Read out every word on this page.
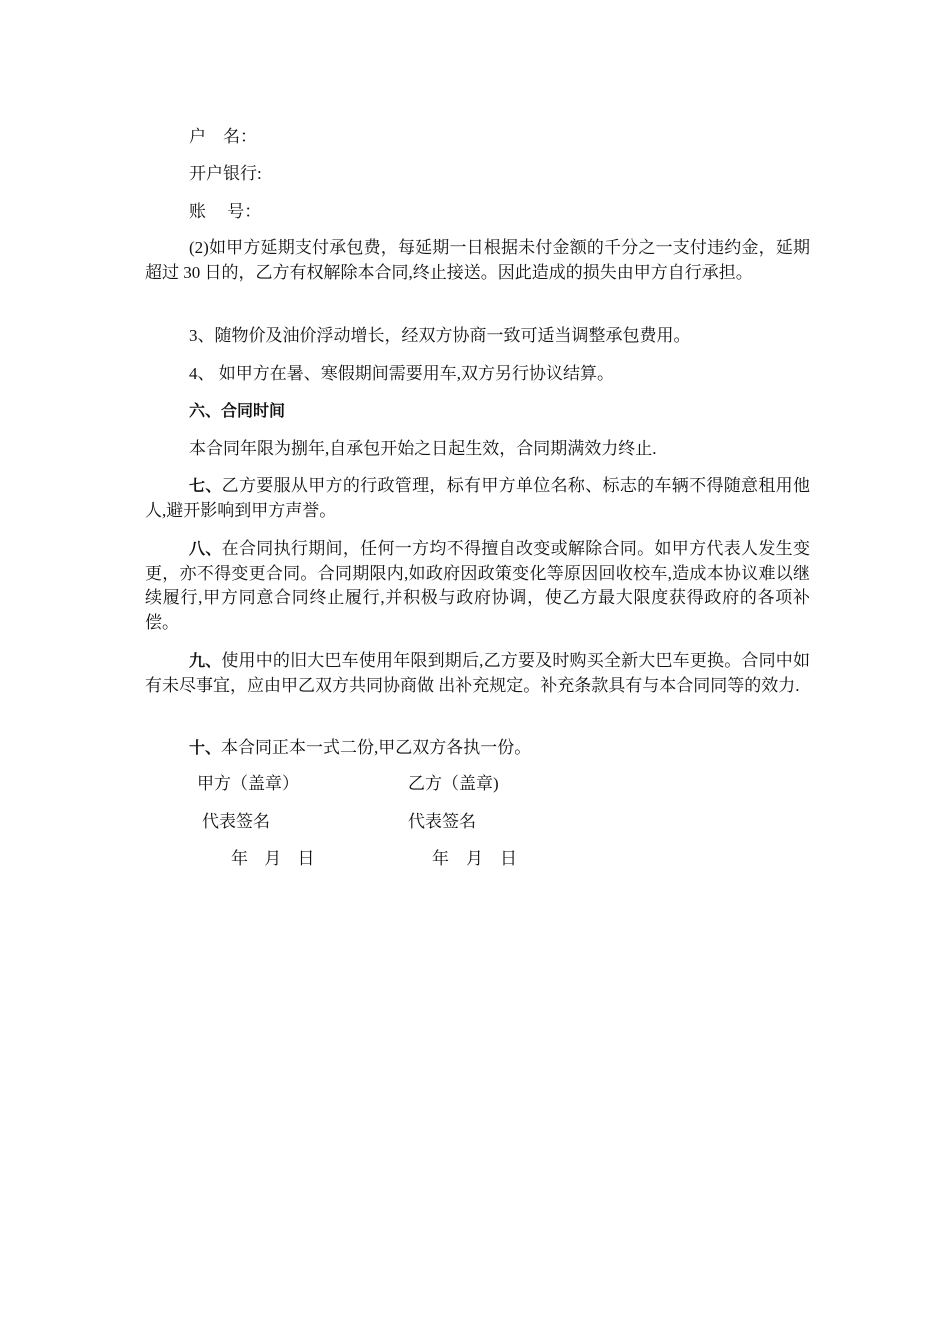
户　名：
开户银行:
账　 号：
(2)如甲方延期支付承包费，每延期一日根据未付金额的千分之一支付违约金，延期超过 30 日的，乙方有权解除本合同,终止接送。因此造成的损失由甲方自行承担。
3、随物价及油价浮动增长，经双方协商一致可适当调整承包费用。
4、 如甲方在暑、寒假期间需要用车,双方另行协议结算。
六、合同时间
本合同年限为捌年,自承包开始之日起生效，合同期满效力终止.
七、乙方要服从甲方的行政管理，标有甲方单位名称、标志的车辆不得随意租用他人,避开影响到甲方声誉。
八、在合同执行期间，任何一方均不得擅自改变或解除合同。如甲方代表人发生变更，亦不得变更合同。合同期限内,如政府因政策变化等原因回收校车,造成本协议难以继续履行,甲方同意合同终止履行,并积极与政府协调，使乙方最大限度获得政府的各项补偿。
九、使用中的旧大巴车使用年限到期后,乙方要及时购买全新大巴车更换。合同中如有未尽事宜，应由甲乙双方共同协商做 出补充规定。补充条款具有与本合同同等的效力.
十、本合同正本一式二份,甲乙双方各执一份。
甲方（盖章）	乙方（盖章)
代表签名	代表签名
年 月 日	年　月　日
